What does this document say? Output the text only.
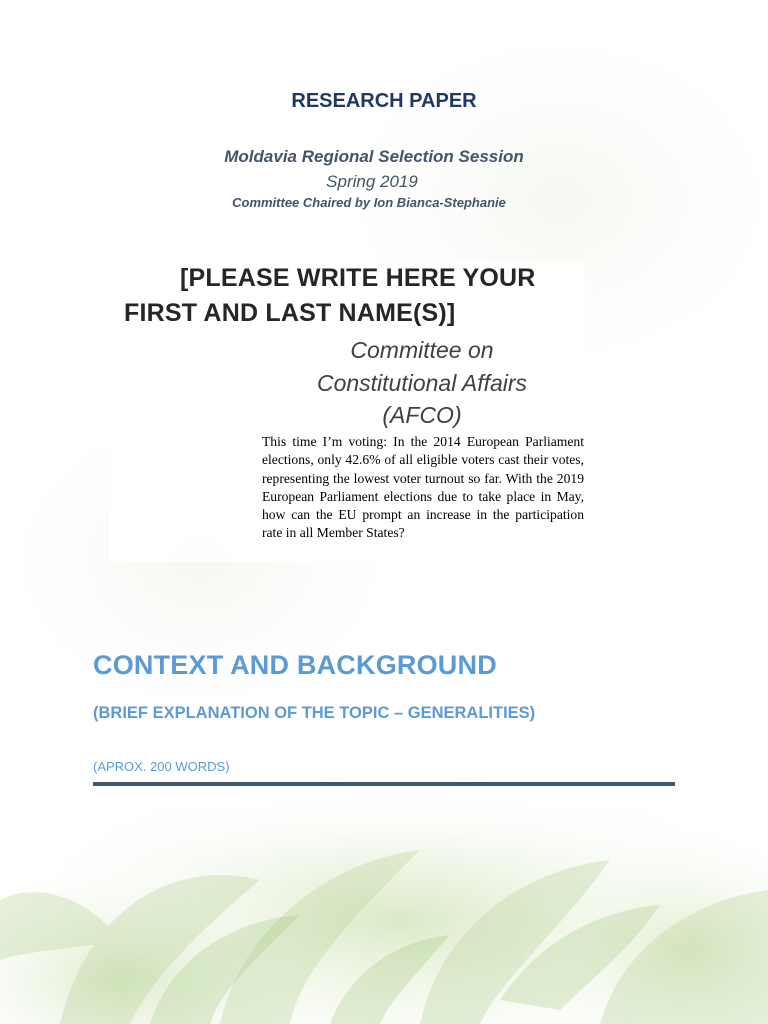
RESEARCH PAPER
Moldavia Regional Selection Session
Spring 2019
Committee Chaired by Ion Bianca-Stephanie
[PLEASE WRITE HERE YOUR
FIRST AND LAST NAME(S)]
Committee on
Constitutional Affairs
(AFCO)
This time I’m voting: In the 2014 European Parliament elections, only 42.6% of all eligible voters cast their votes, representing the lowest voter turnout so far. With the 2019 European Parliament elections due to take place in May, how can the EU prompt an increase in the participation rate in all Member States?
CONTEXT AND BACKGROUND
(BRIEF EXPLANATION OF THE TOPIC – GENERALITIES)
(APROX. 200 WORDS)
